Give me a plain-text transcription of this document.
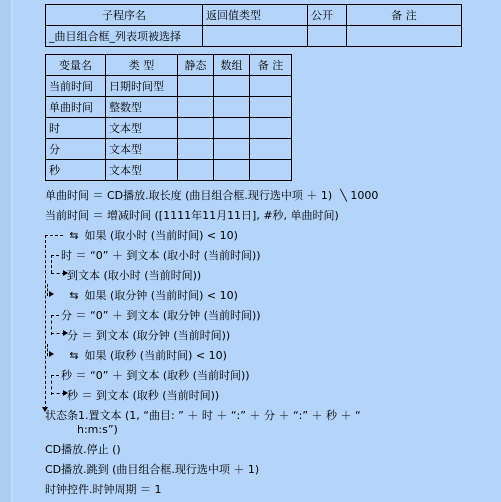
子程序名	返回值类型	公开	备 注
_曲目组合框_列表项被选择			
变量名	类 型	静态	数组	备 注
当前时间	日期时间型			
单曲时间	整数型			
时	文本型			
分	文本型			
秒	文本型			
单曲时间 ＝ CD播放.取长度 (曲目组合框.现行选中项 ＋ 1) ╲ 1000
当前时间 ＝ 增减时间 ([1111年11月11日], #秒, 单曲时间)
⇆ 如果 (取小时 (当前时间) < 10)
时 ＝ “0” ＋ 到文本 (取小时 (当前时间))
到文本 (取小时 (当前时间))
⇆ 如果 (取分钟 (当前时间) < 10)
分 ＝ “0” ＋ 到文本 (取分钟 (当前时间))
分 ＝ 到文本 (取分钟 (当前时间))
⇆ 如果 (取秒 (当前时间) < 10)
秒 ＝ “0” ＋ 到文本 (取秒 (当前时间))
秒 ＝ 到文本 (取秒 (当前时间))
状态条1.置文本 (1, “曲目: ” ＋ 时 ＋ “:” ＋ 分 ＋ “:” ＋ 秒 ＋ “
h:m:s”)
CD播放.停止 ()
CD播放.跳到 (曲目组合框.现行选中项 ＋ 1)
时钟控件.时钟周期 ＝ 1
